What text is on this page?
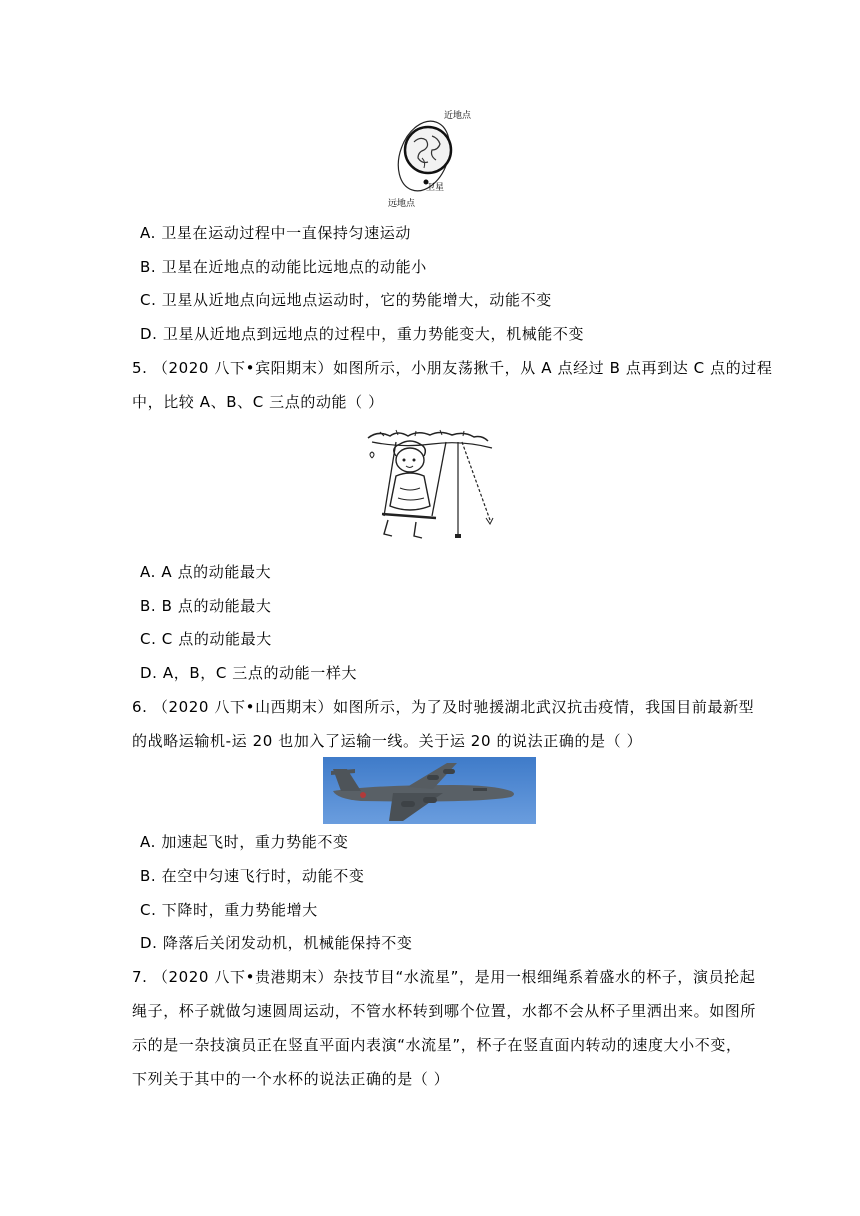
近地点
卫星
远地点
A. 卫星在运动过程中一直保持匀速运动
B. 卫星在近地点的动能比远地点的动能小
C. 卫星从近地点向远地点运动时，它的势能增大，动能不变
D. 卫星从近地点到远地点的过程中，重力势能变大，机械能不变
5. （2020 八下•宾阳期末）如图所示，小朋友荡揪千，从 A 点经过 B 点再到达 C 点的过程
中，比较 A、B、C 三点的动能（ ）
A. A 点的动能最大
B. B 点的动能最大
C. C 点的动能最大
D. A，B，C 三点的动能一样大
6. （2020 八下•山西期末）如图所示，为了及时驰援湖北武汉抗击疫情，我国目前最新型
的战略运输机-运 20 也加入了运输一线。关于运 20 的说法正确的是（ ）
A. 加速起飞时，重力势能不变
B. 在空中匀速飞行时，动能不变
C. 下降时，重力势能增大
D. 降落后关闭发动机，机械能保持不变
7. （2020 八下•贵港期末）杂技节目“水流星”，是用一根细绳系着盛水的杯子，演员抡起
绳子，杯子就做匀速圆周运动，不管水杯转到哪个位置，水都不会从杯子里洒出来。如图所
示的是一杂技演员正在竖直平面内表演“水流星”，杯子在竖直面内转动的速度大小不变，
下列关于其中的一个水杯的说法正确的是（ ）
